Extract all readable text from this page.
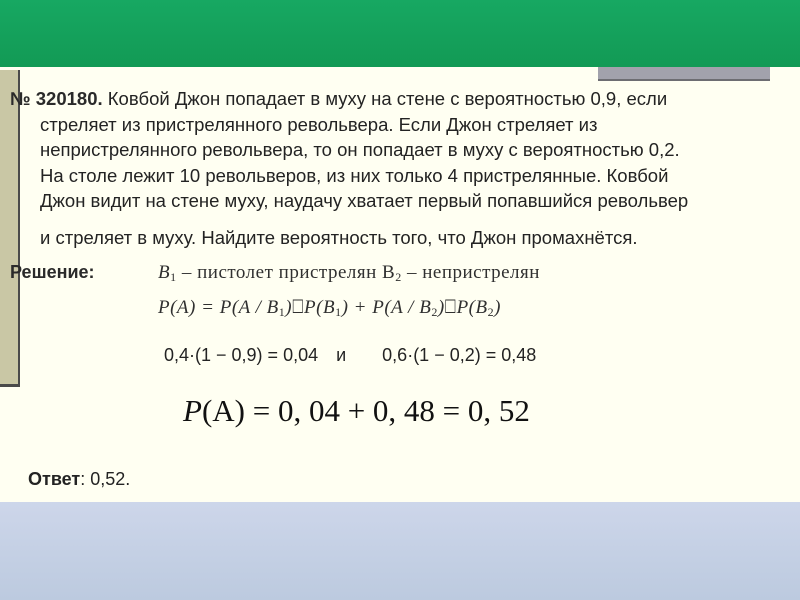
№ 320180. Ковбой Джон попадает в муху на стене с вероятностью 0,9, если
стреляет из пристрелянного револьвера. Если Джон стреляет из
непристрелянного револьвера, то он попадает в муху с вероятностью 0,2.
На столе лежит 10 револьверов, из них только 4 пристрелянные. Ковбой
Джон видит на стене муху, наудачу хватает первый попавшийся револьвер
и стреляет в муху. Найдите вероятность того, что Джон промахнётся.
Решение:	$B_1$ – пистолет пристрелян $B_2$ – непристрелян
$P(A) = P(A / B_1)⎕P(B_1) + P(A$ / $B_2)⎕P(B_2)$
0,4·(1 − 0,9) = 0,04 и 0,6·(1 − 0,2) = 0,48
P(A) = 0, 04 + 0, 48 = 0, 52
Ответ: 0,52.
